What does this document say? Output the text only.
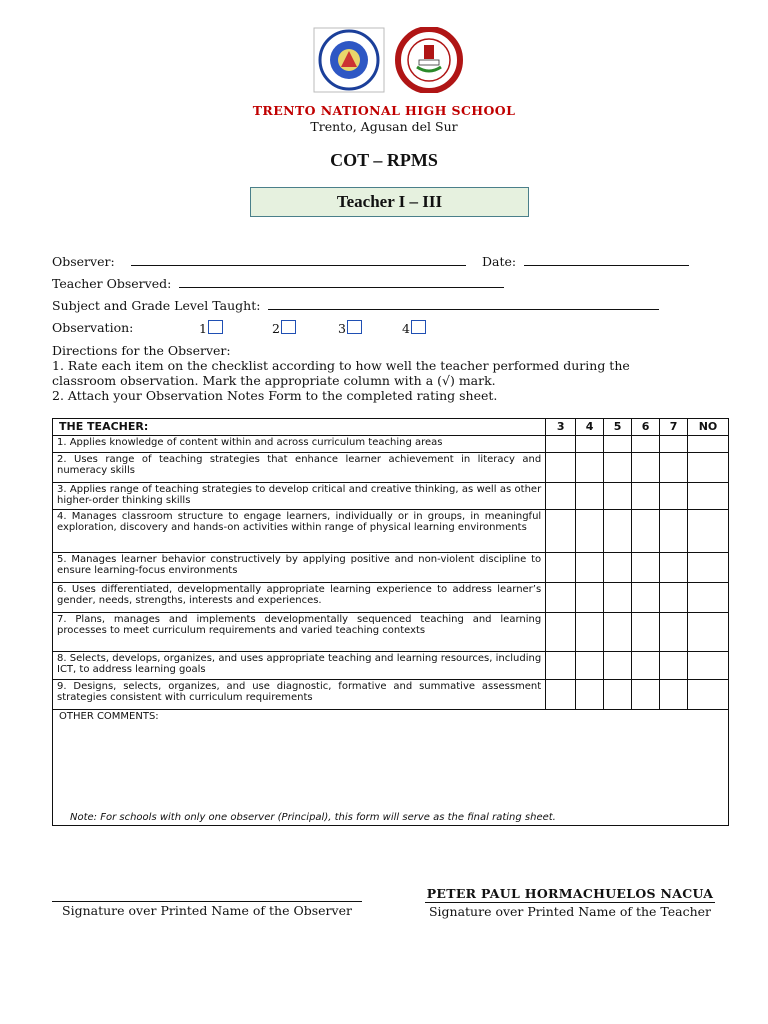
TRENTO NATIONAL HIGH SCHOOL
Trento, Agusan del Sur
COT – RPMS
Teacher I – III
Observer:	Date:
Teacher Observed:
Subject and Grade Level Taught:
Observation:	1	2	3	4
Directions for the Observer:
1. Rate each item on the checklist according to how well the teacher performed during the
classroom observation. Mark the appropriate column with a (√) mark.
2. Attach your Observation Notes Form to the completed rating sheet.
THE TEACHER:	3	4	5	6	7	NO
1. Applies knowledge of content within and across curriculum teaching areas						
2. Uses range of teaching strategies that enhance learner achievement in literacy and numeracy skills						
3. Applies range of teaching strategies to develop critical and creative thinking, as well as other higher-order thinking skills						
4. Manages classroom structure to engage learners, individually or in groups, in meaningful exploration, discovery and hands-on activities within range of physical learning environments						
5. Manages learner behavior constructively by applying positive and non-violent discipline to ensure learning-focus environments						
6. Uses differentiated, developmentally appropriate learning experience to address learner’s gender, needs, strengths, interests and experiences.						
7. Plans, manages and implements developmentally sequenced teaching and learning processes to meet curriculum requirements and varied teaching contexts						
8. Selects, develops, organizes, and uses appropriate teaching and learning resources, including ICT, to address learning goals						
9. Designs, selects, organizes, and use diagnostic, formative and summative assessment strategies consistent with curriculum requirements						
OTHER COMMENTS:
Note: For schools with only one observer (Principal), this form will serve as the final rating sheet.
Signature over Printed Name of the Observer
PETER PAUL HORMACHUELOS NACUA
Signature over Printed Name of the Teacher
